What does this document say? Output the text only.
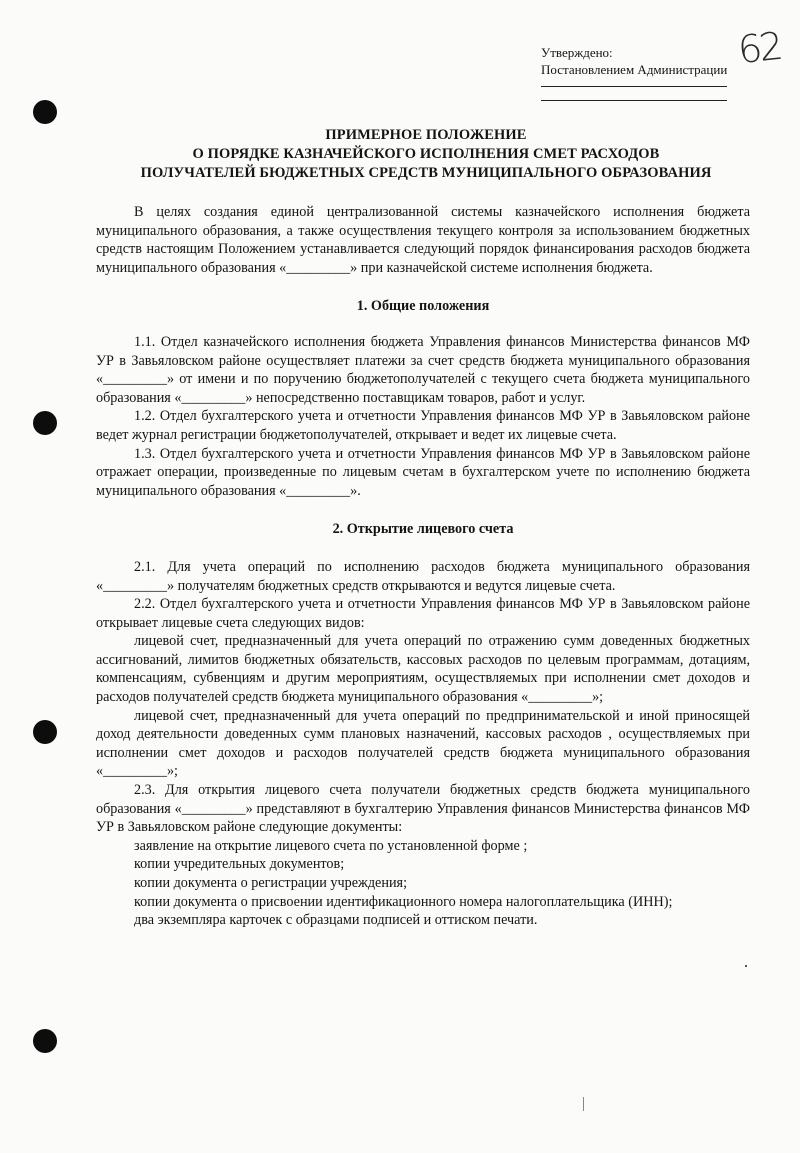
62
Утверждено:
Постановлением Администрации
ПРИМЕРНОЕ ПОЛОЖЕНИЕ
О ПОРЯДКЕ КАЗНАЧЕЙСКОГО ИСПОЛНЕНИЯ СМЕТ РАСХОДОВ
ПОЛУЧАТЕЛЕЙ БЮДЖЕТНЫХ СРЕДСТВ МУНИЦИПАЛЬНОГО ОБРАЗОВАНИЯ

В целях создания единой централизованной системы казначейского исполнения бюджета муниципального образования, а также осуществления текущего контроля за использованием бюджетных средств настоящим Положением устанавливается следующий порядок финансирования расходов бюджета муниципального образования «_________» при казначейской системе исполнения бюджета.

1. Общие положения

1.1. Отдел казначейского исполнения бюджета Управления финансов Министерства финансов МФ УР в Завьяловском районе осуществляет платежи за счет средств бюджета муниципального образования «_________» от имени и по поручению бюджетополучателей с текущего счета бюджета муниципального образования «_________» непосредственно поставщикам товаров, работ и услуг.

1.2. Отдел бухгалтерского учета и отчетности Управления финансов МФ УР в Завьяловском районе ведет журнал регистрации бюджетополучателей, открывает и ведет их лицевые счета.

1.3. Отдел бухгалтерского учета и отчетности Управления финансов МФ УР в Завьяловском районе отражает операции, произведенные по лицевым счетам в бухгалтерском учете по исполнению бюджета муниципального образования «_________».

2. Открытие лицевого счета

2.1. Для учета операций по исполнению расходов бюджета муниципального образования «_________» получателям бюджетных средств открываются и ведутся лицевые счета.

2.2. Отдел бухгалтерского учета и отчетности Управления финансов МФ УР в Завьяловском районе открывает лицевые счета следующих видов:

лицевой счет, предназначенный для учета операций по отражению сумм доведенных бюджетных ассигнований, лимитов бюджетных обязательств, кассовых расходов по целевым программам, дотациям, компенсациям, субвенциям и другим мероприятиям, осуществляемых при исполнении смет доходов и расходов получателей средств бюджета муниципального образования «_________»;

лицевой счет, предназначенный для учета операций по предпринимательской и иной приносящей доход деятельности доведенных сумм плановых назначений, кассовых расходов , осуществляемых при исполнении смет доходов и расходов получателей средств бюджета муниципального образования «_________»;

2.3. Для открытия лицевого счета получатели бюджетных средств бюджета муниципального образования «_________» представляют в бухгалтерию Управления финансов Министерства финансов МФ УР в Завьяловском районе следующие документы:

заявление на открытие лицевого счета по установленной форме ;

копии учредительных документов;

копии документа о регистрации учреждения;

копии документа о присвоении идентификационного номера налогоплательщика (ИНН);

два экземпляра карточек с образцами подписей и оттиском печати.
